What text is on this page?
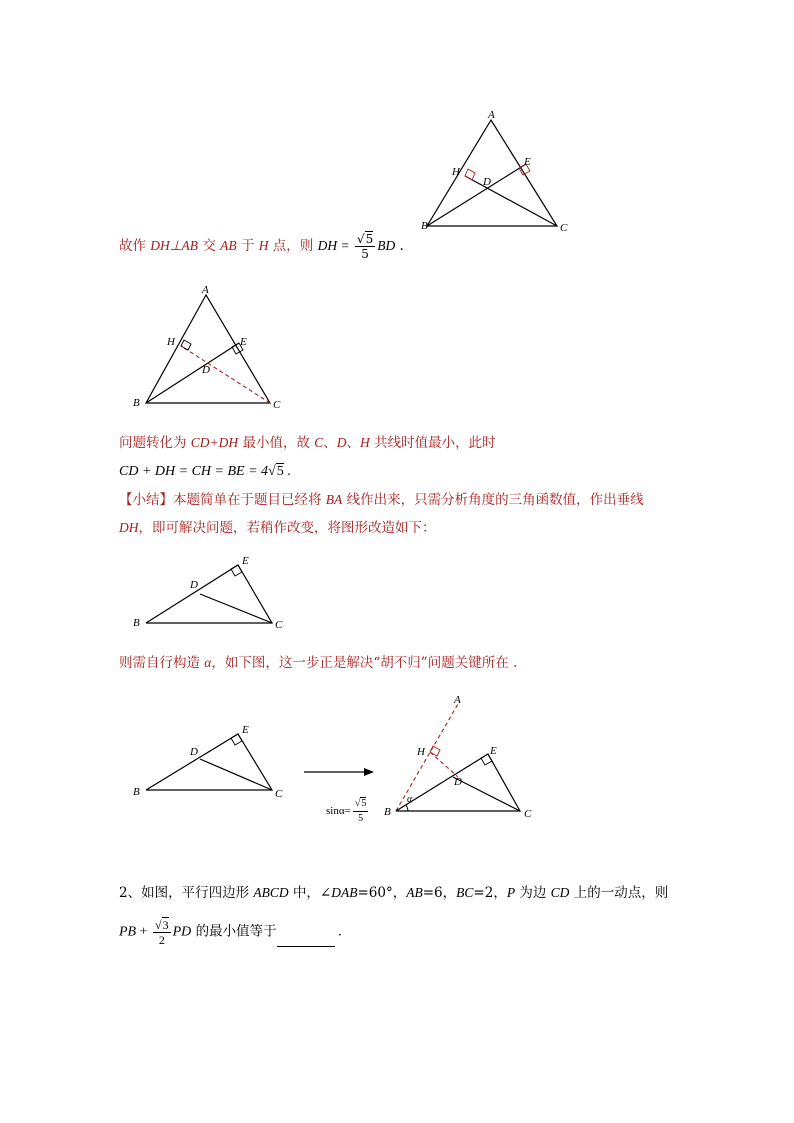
A
H
E
D
B	C
故作 DH⊥AB 交 AB 于 H 点，则 DH = $\frac{√5}{5}$ BD .
A
H	E
D
B	C
问题转化为 CD+DH 最小值，故 C、D、H 共线时值最小，此时
CD + DH = CH = BE = 4√5 .
【小结】本题简单在于题目已经将 BA 线作出来，只需分析角度的三角函数值，作出垂线
DH，即可解决问题，若稍作改变，将图形改造如下：
D
E
B	C
则需自行构造 α，如下图，这一步正是解决“胡不归”问题关键所在 .
D
E
B	C
A
H	E
D
B	C
α
$\sin\alpha= \frac{√5}{5}$
2、如图，平行四边形 ABCD 中，∠DAB=60°，AB=6，BC=2，P 为边 CD 上的一动点，则
PB + $\frac{√3}{2}$ PD 的最小值等于	.
